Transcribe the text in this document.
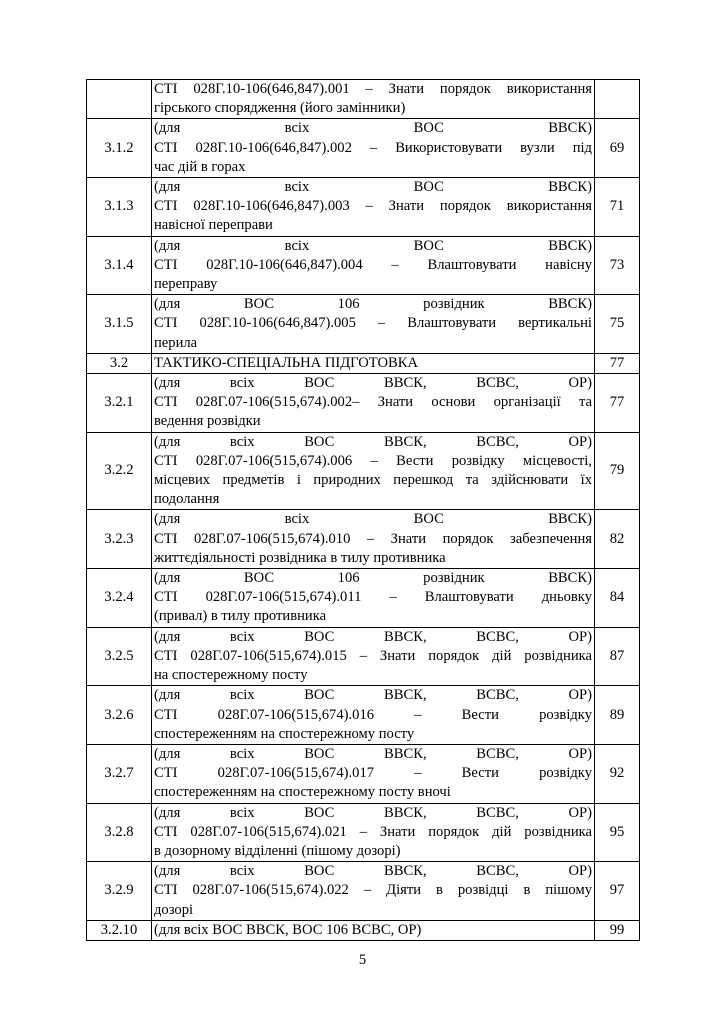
	СТІ 028Г.10-106(646,847).001 – Знати порядок використання
гірського спорядження (його замінники)	

3.1.2	(для всіх ВОС ВВСК)
СТІ 028Г.10-106(646,847).002 – Використовувати вузли під
час дій в горах	69
3.1.3	(для всіх ВОС ВВСК)
СТІ 028Г.10-106(646,847).003 – Знати порядок використання
навісної переправи	71
3.1.4	(для всіх ВОС ВВСК)
СТІ 028Г.10-106(646,847).004 – Влаштовувати навісну
переправу	73
3.1.5	(для ВОС 106 розвідник ВВСК)
СТІ 028Г.10-106(646,847).005 – Влаштовувати вертикальні
перила	75
3.2	ТАКТИКО-СПЕЦІАЛЬНА ПІДГОТОВКА	77
3.2.1	(для всіх ВОС ВВСК, ВСВС, ОР)
СТІ 028Г.07-106(515,674).002– Знати основи організації та
ведення розвідки	77
3.2.2	(для всіх ВОС ВВСК, ВСВС, ОР)
СТІ 028Г.07-106(515,674).006 – Вести розвідку місцевості,
місцевих предметів і природних перешкод та здійснювати їх
подолання	79
3.2.3	(для всіх ВОС ВВСК)
СТІ 028Г.07-106(515,674).010 – Знати порядок забезпечення
життєдіяльності розвідника в тилу противника	82
3.2.4	(для ВОС 106 розвідник ВВСК)
СТІ 028Г.07-106(515,674).011 – Влаштовувати дньовку
(привал) в тилу противника	84
3.2.5	(для всіх ВОС ВВСК, ВСВС, ОР)
СТІ 028Г.07-106(515,674).015 – Знати порядок дій розвідника
на спостережному посту	87
3.2.6	(для всіх ВОС ВВСК, ВСВС, ОР)
СТІ 028Г.07-106(515,674).016 – Вести розвідку
спостереженням на спостережному посту	89
3.2.7	(для всіх ВОС ВВСК, ВСВС, ОР)
СТІ 028Г.07-106(515,674).017 – Вести розвідку
спостереженням на спостережному посту вночі	92
3.2.8	(для всіх ВОС ВВСК, ВСВС, ОР)
СТІ 028Г.07-106(515,674).021 – Знати порядок дій розвідника
в дозорному відділенні (пішому дозорі)	95
3.2.9	(для всіх ВОС ВВСК, ВСВС, ОР)
СТІ 028Г.07-106(515,674).022 – Діяти в розвідці в пішому
дозорі	97
3.2.10	(для всіх ВОС ВВСК, ВОС 106 ВСВС, ОР)	99
5
